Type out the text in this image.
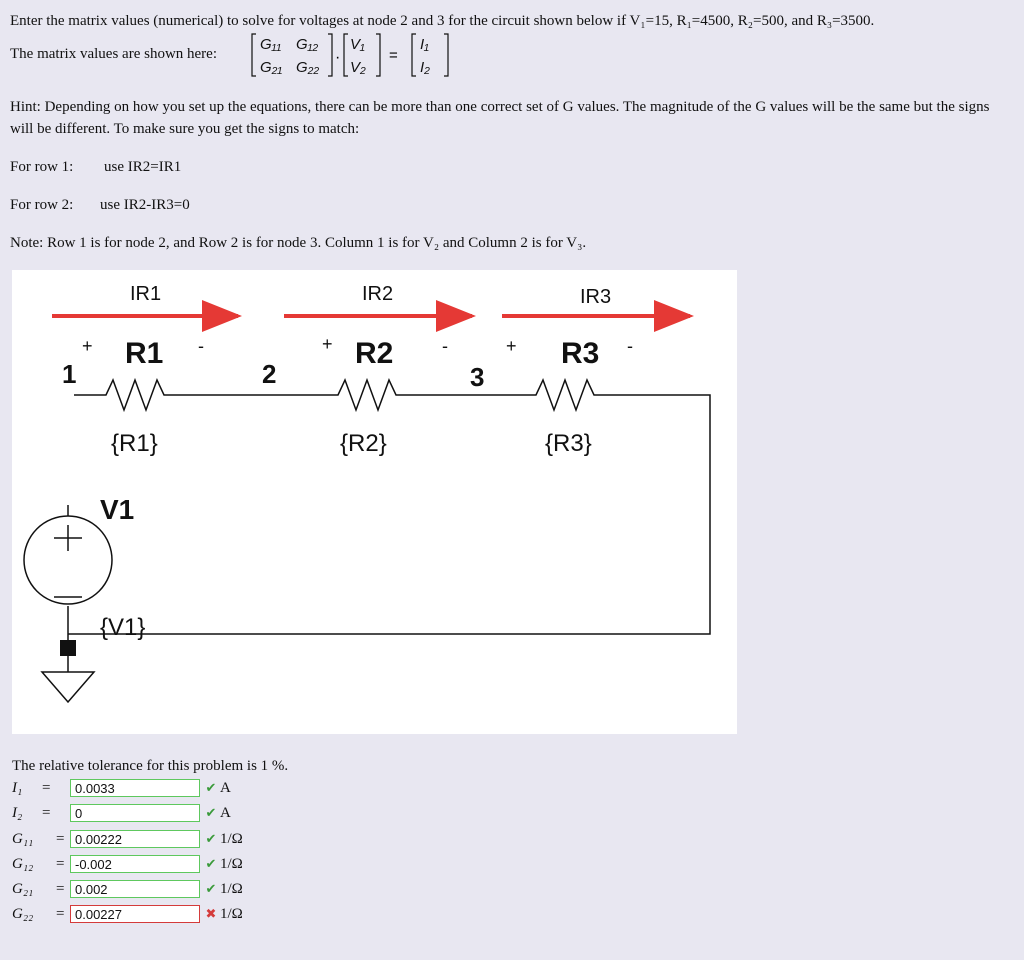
Enter the matrix values (numerical) to solve for voltages at node 2 and 3 for the circuit shown below if V₁=15, R₁=4500, R₂=500, and R₃=3500.
The matrix values are shown here:
G₁₁ G₁₂
G₂₁ G₂₂
V₁
V₂
I₁
I₂
·	=
Hint: Depending on how you set up the equations, there can be more than one correct set of G values. The magnitude of the G values will be the same but the signs will be different. To make sure you get the signs to match:
For row 1: use IR2=IR1
For row 2: use IR2-IR3=0
Note: Row 1 is for node 2, and Row 2 is for node 3. Column 1 is for V₂ and Column 2 is for V₃.
IR1	IR2	IR3
R1	R2	R3
1	2	3
V1
{R1}	{R2}	{R3}
{V1}
+	-	+	-	+	-
The relative tolerance for this problem is 1 %.
I₁ =	0.0033	✔ A
I₂ =	0	✔ A
G₁₁ = 0.00222	✔ 1/Ω
G₁₂ = -0.002	✔ 1/Ω
G₂₁ = 0.002	✔ 1/Ω
G₂₂ = 0.00227	✖ 1/Ω
